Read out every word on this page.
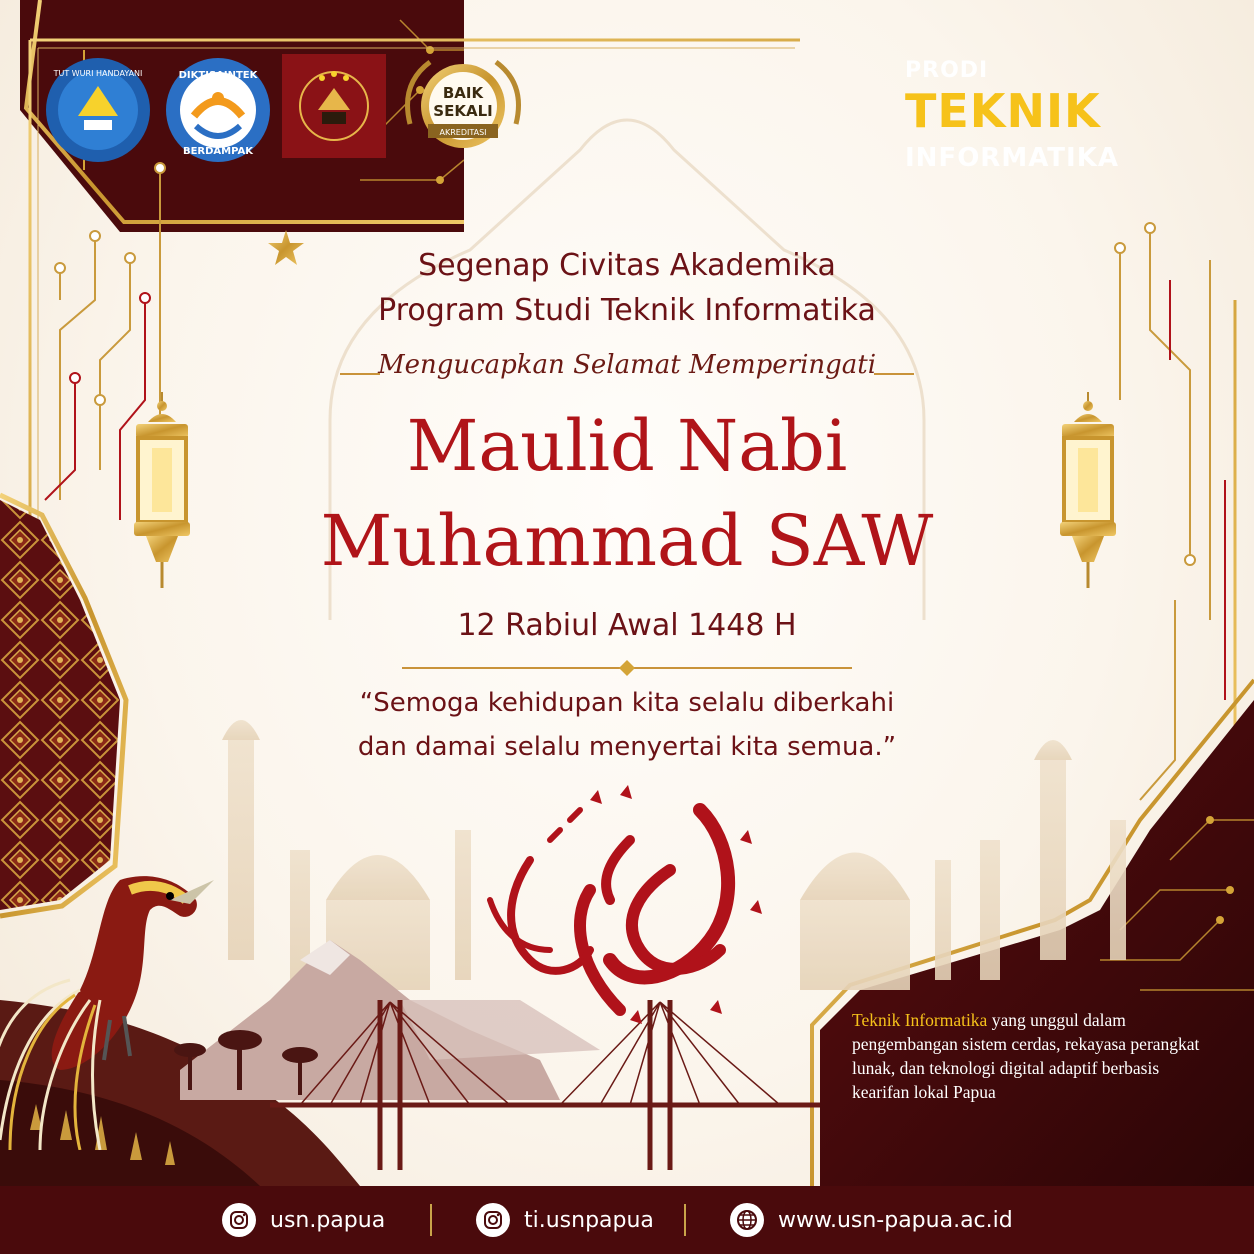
PRODI

TEKNIK

INFORMATIKA

TUT WURI HANDAYANI	DIKTISAINTEK
BERDAMPAK
BAIK
SEKALI
AKREDITASI

Segenap Civitas Akademika

Program Studi Teknik Informatika

Mengucapkan Selamat Memperingati

Maulid Nabi

Muhammad SAW

12 Rabiul Awal 1448 H

“Semoga kehidupan kita selalu diberkahi

dan damai selalu menyertai kita semua.”

Teknik Informatika yang unggul dalam pengembangan sistem cerdas, rekayasa perangkat lunak, dan teknologi digital adaptif berbasis kearifan lokal Papua
usn.papua	ti.usnpapua	www.usn-papua.ac.id
